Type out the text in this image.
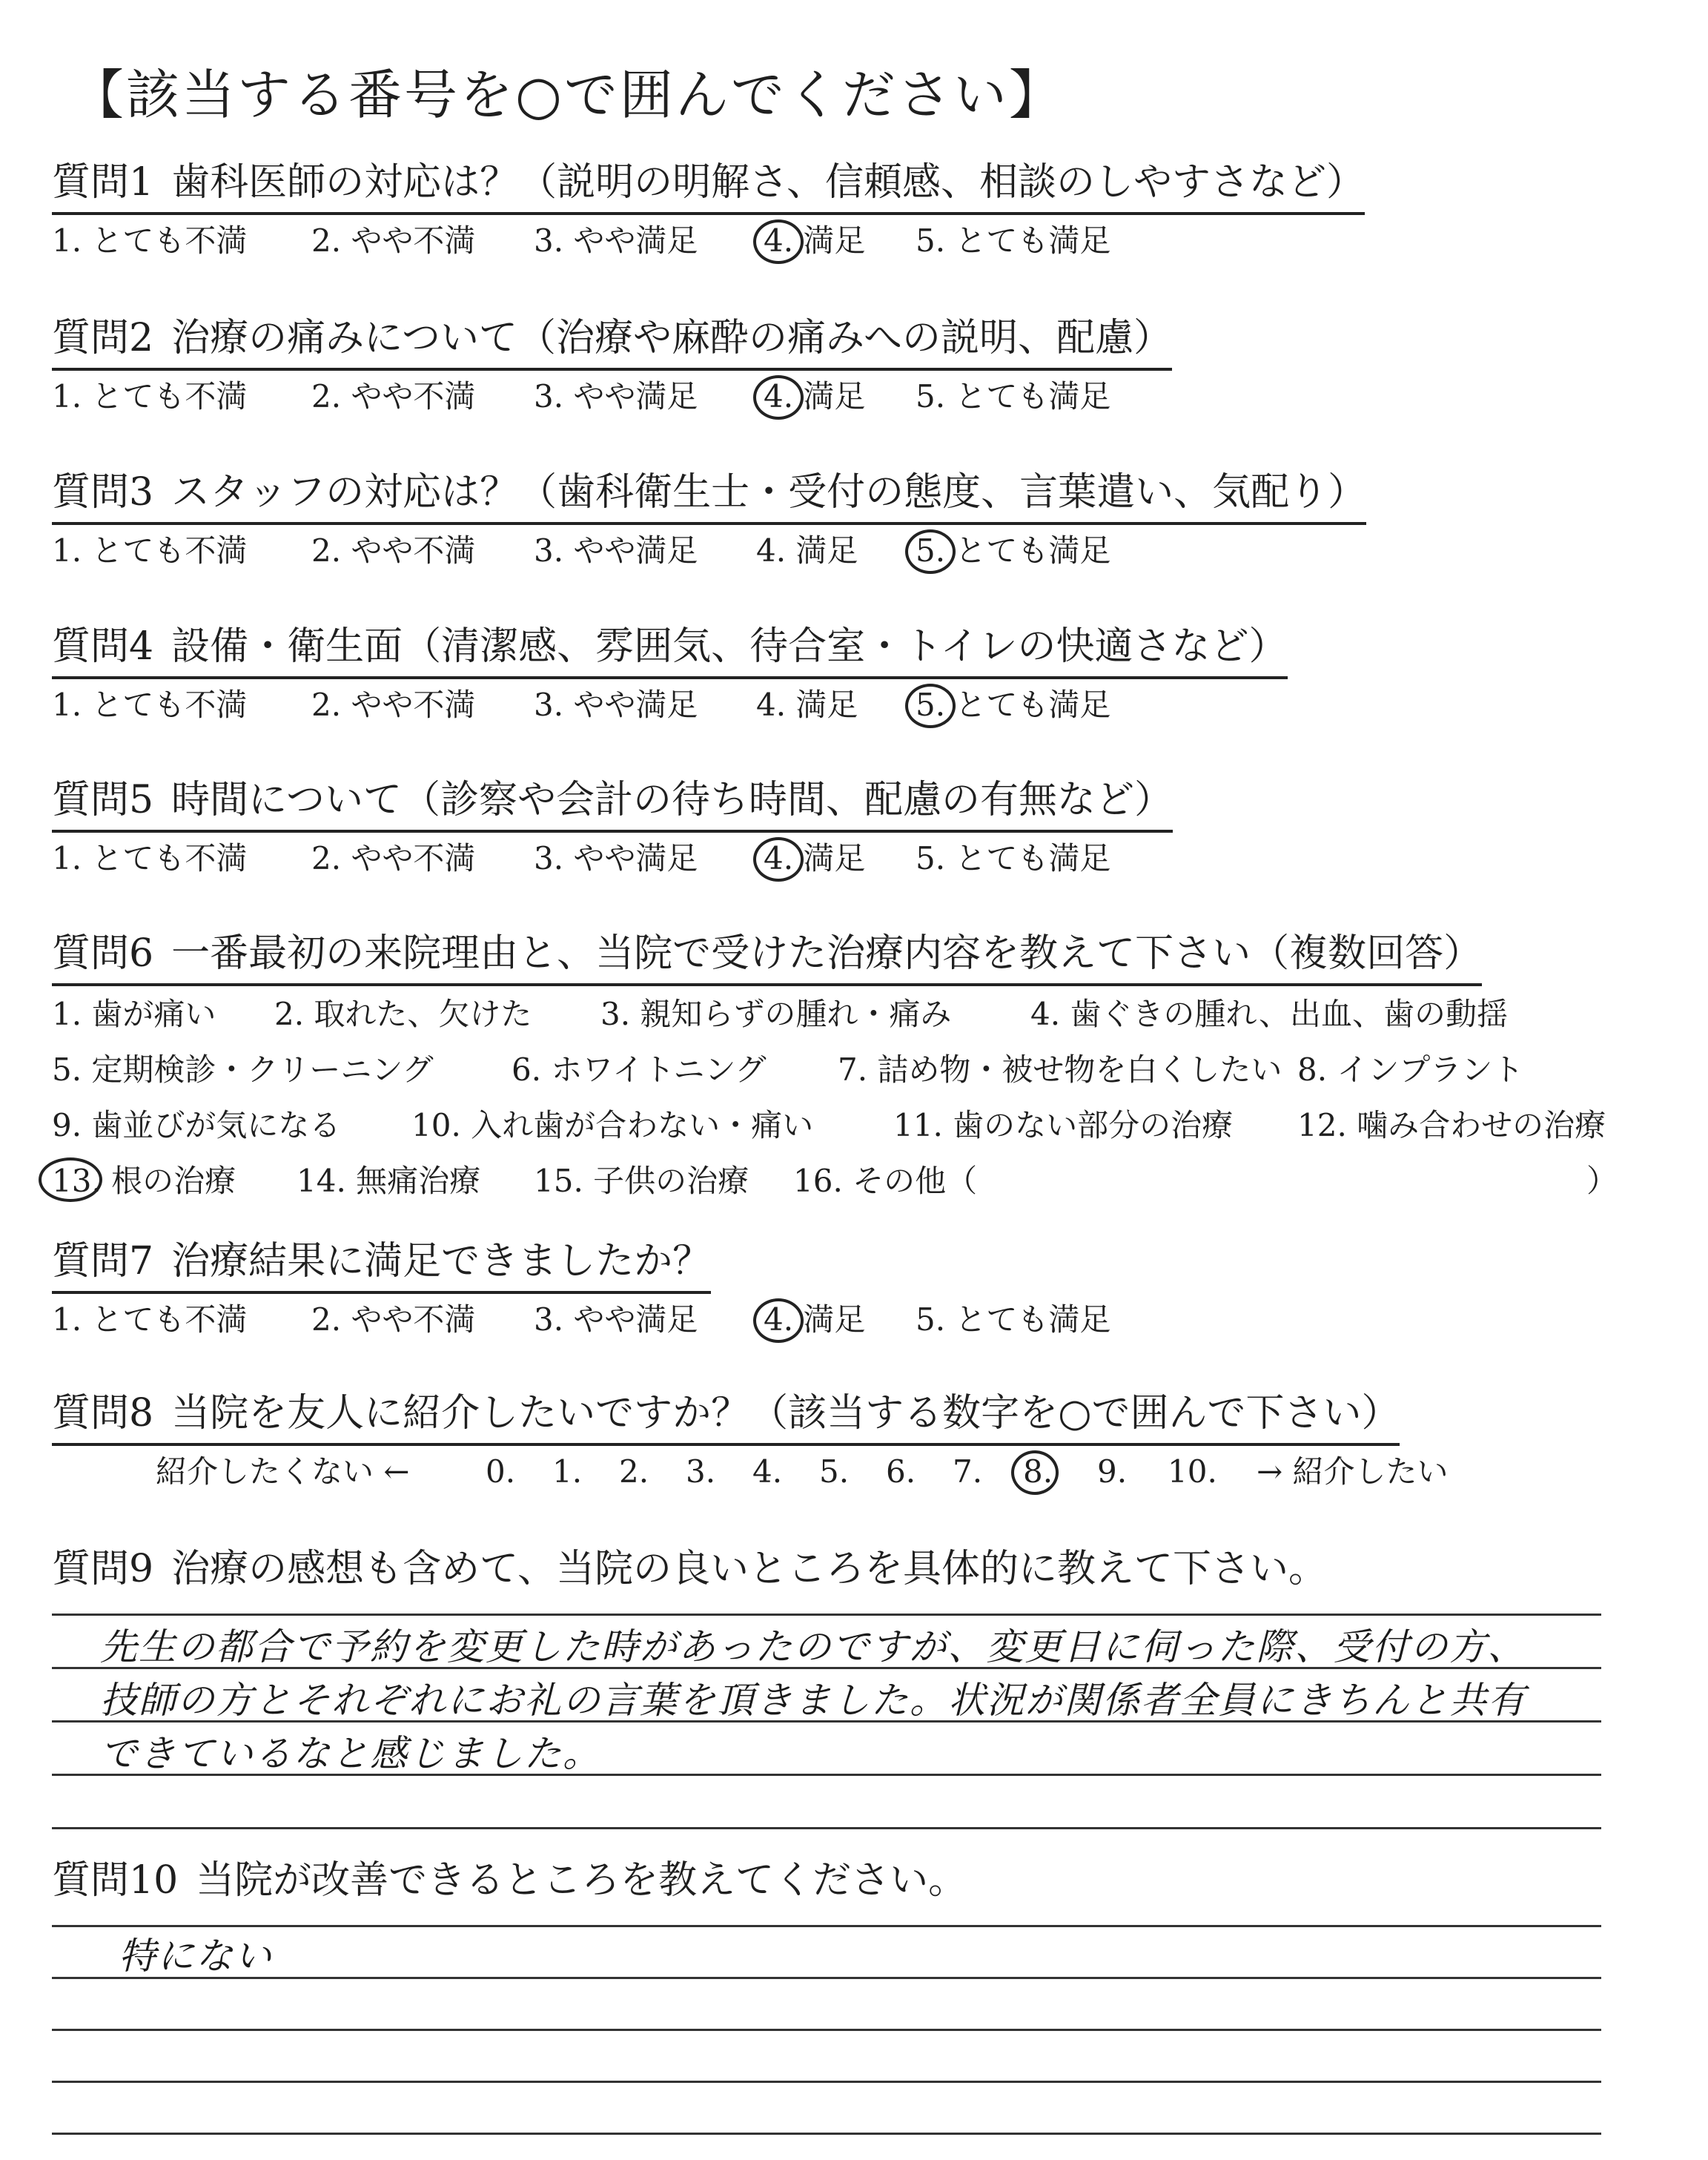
【該当する番号を○で囲んでください】
質問1 歯科医師の対応は？（説明の明解さ、信頼感、相談のしやすさなど）
1. とても不満 2. やや不満 3. やや満足 4. 満足 5. とても満足
質問2 治療の痛みについて（治療や麻酔の痛みへの説明、配慮）
1. とても不満 2. やや不満 3. やや満足 4. 満足 5. とても満足
質問3 スタッフの対応は？（歯科衛生士・受付の態度、言葉遣い、気配り）
1. とても不満 2. やや不満 3. やや満足 4. 満足 5. とても満足
質問4 設備・衛生面（清潔感、雰囲気、待合室・トイレの快適さなど）
1. とても不満 2. やや不満 3. やや満足 4. 満足 5. とても満足
質問5 時間について（診察や会計の待ち時間、配慮の有無など）
1. とても不満 2. やや不満 3. やや満足 4. 満足 5. とても満足
質問6 一番最初の来院理由と、当院で受けた治療内容を教えて下さい（複数回答）
1. 歯が痛い 2. 取れた、欠けた 3. 親知らずの腫れ・痛み	4. 歯ぐきの腫れ、出血、歯の動揺
5. 定期検診・クリーニング	6. ホワイトニング 7. 詰め物・被せ物を白くしたい 8. インプラント
9. 歯並びが気になる 10. 入れ歯が合わない・痛い	11. 歯のない部分の治療 12. 噛み合わせの治療
13. 根の治療 14. 無痛治療 15. 子供の治療 16. その他（	）
質問7 治療結果に満足できましたか？
1. とても不満 2. やや不満 3. やや満足 4. 満足 5. とても満足
質問8 当院を友人に紹介したいですか？（該当する数字を○で囲んで下さい）
紹介したくない ← 0. 1. 2. 3. 4. 5. 6. 7. 8. 9. 10. → 紹介したい
質問9 治療の感想も含めて、当院の良いところを具体的に教えて下さい。
先生の都合で予約を変更した時があったのですが、変更日に伺った際、受付の方、
技師の方とそれぞれにお礼の言葉を頂きました。状況が関係者全員にきちんと共有
できているなと感じました。
質問10 当院が改善できるところを教えてください。
特にない
